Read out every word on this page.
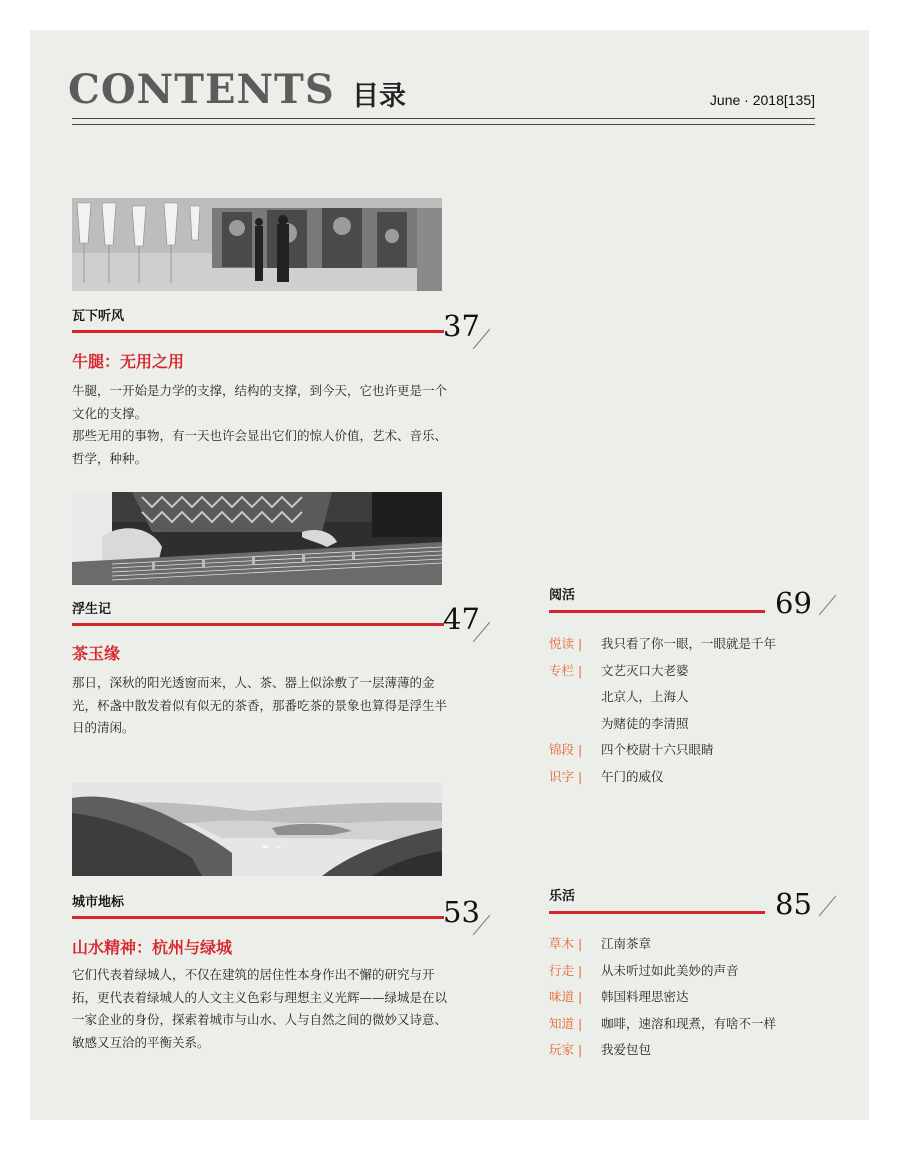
CONTENTS 目录	June · 2018[135]
瓦下听风	37
牛腿：无用之用

牛腿，一开始是力学的支撑，结构的支撑，到今天，它也许更是一个文化的支撑。

那些无用的事物，有一天也许会显出它们的惊人价值，艺术、音乐、哲学，种种。

浮生记	47
茶玉缘

那日，深秋的阳光透窗而来，人、茶、器上似涂敷了一层薄薄的金光，杯盏中散发着似有似无的茶香，那番吃茶的景象也算得是浮生半日的清闲。

城市地标	53
山水精神：杭州与绿城

它们代表着绿城人，不仅在建筑的居住性本身作出不懈的研究与开拓，更代表着绿城人的人文主义色彩与理想主义光辉——绿城是在以一家企业的身份，探索着城市与山水、人与自然之间的微妙又诗意、敏感又互洽的平衡关系。

阅活	69
悦读 |	我只看了你一眼，一眼就是千年
专栏 |	文艺灭口大老婆
北京人，上海人
为赌徒的李清照
锦段 |	四个校尉十六只眼睛
识字 |	午门的威仪
乐活	85
草木 |	江南茶章
行走 |	从未听过如此美妙的声音
味道 |	韩国料理思密达
知道 |	咖啡，速溶和现煮，有啥不一样
玩家 |	我爱包包
